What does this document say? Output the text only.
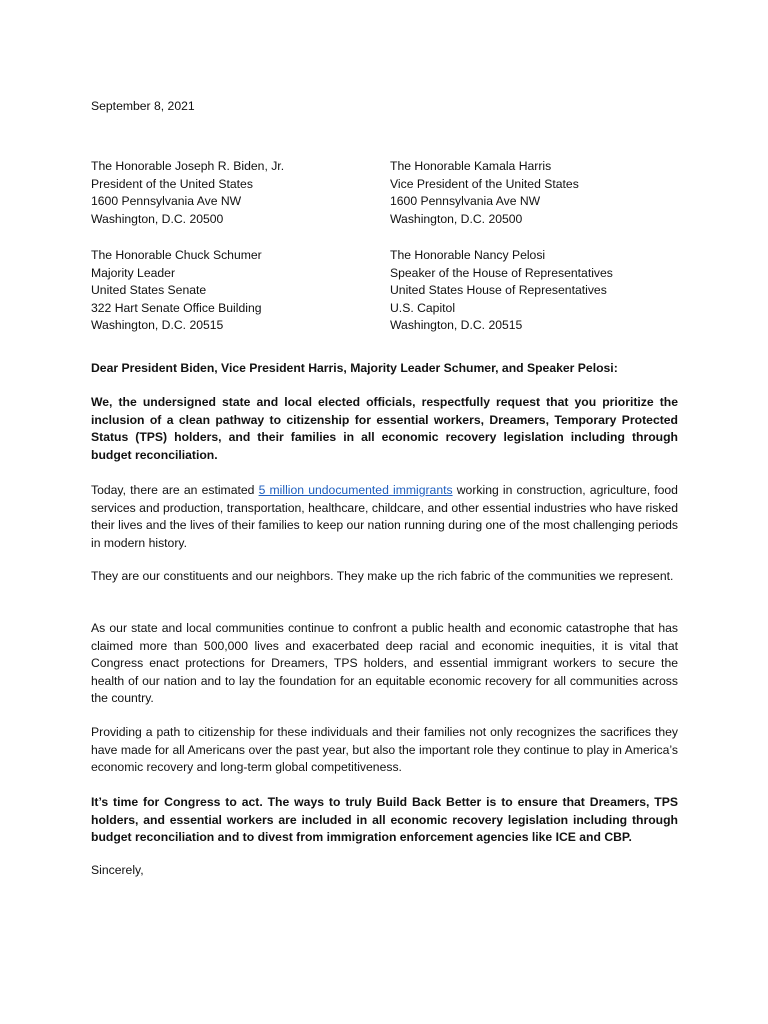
September 8, 2021
The Honorable Joseph R. Biden, Jr.
President of the United States
1600 Pennsylvania Ave NW
Washington, D.C. 20500
The Honorable Kamala Harris
Vice President of the United States
1600 Pennsylvania Ave NW
Washington, D.C. 20500
The Honorable Chuck Schumer
Majority Leader
United States Senate
322 Hart Senate Office Building
Washington, D.C. 20515
The Honorable Nancy Pelosi
Speaker of the House of Representatives
United States House of Representatives
U.S. Capitol
Washington, D.C. 20515
Dear President Biden, Vice President Harris, Majority Leader Schumer, and Speaker Pelosi:

We, the undersigned state and local elected officials, respectfully request that you prioritize the inclusion of a clean pathway to citizenship for essential workers, Dreamers, Temporary Protected Status (TPS) holders, and their families in all economic recovery legislation including through budget reconciliation.

Today, there are an estimated 5 million undocumented immigrants working in construction, agriculture, food services and production, transportation, healthcare, childcare, and other essential industries who have risked their lives and the lives of their families to keep our nation running during one of the most challenging periods in modern history.

They are our constituents and our neighbors. They make up the rich fabric of the communities we represent.

As our state and local communities continue to confront a public health and economic catastrophe that has claimed more than 500,000 lives and exacerbated deep racial and economic inequities, it is vital that Congress enact protections for Dreamers, TPS holders, and essential immigrant workers to secure the health of our nation and to lay the foundation for an equitable economic recovery for all communities across the country.

Providing a path to citizenship for these individuals and their families not only recognizes the sacrifices they have made for all Americans over the past year, but also the important role they continue to play in America’s economic recovery and long-term global competitiveness.

It’s time for Congress to act. The ways to truly Build Back Better is to ensure that Dreamers, TPS holders, and essential workers are included in all economic recovery legislation including through budget reconciliation and to divest from immigration enforcement agencies like ICE and CBP.

Sincerely,
